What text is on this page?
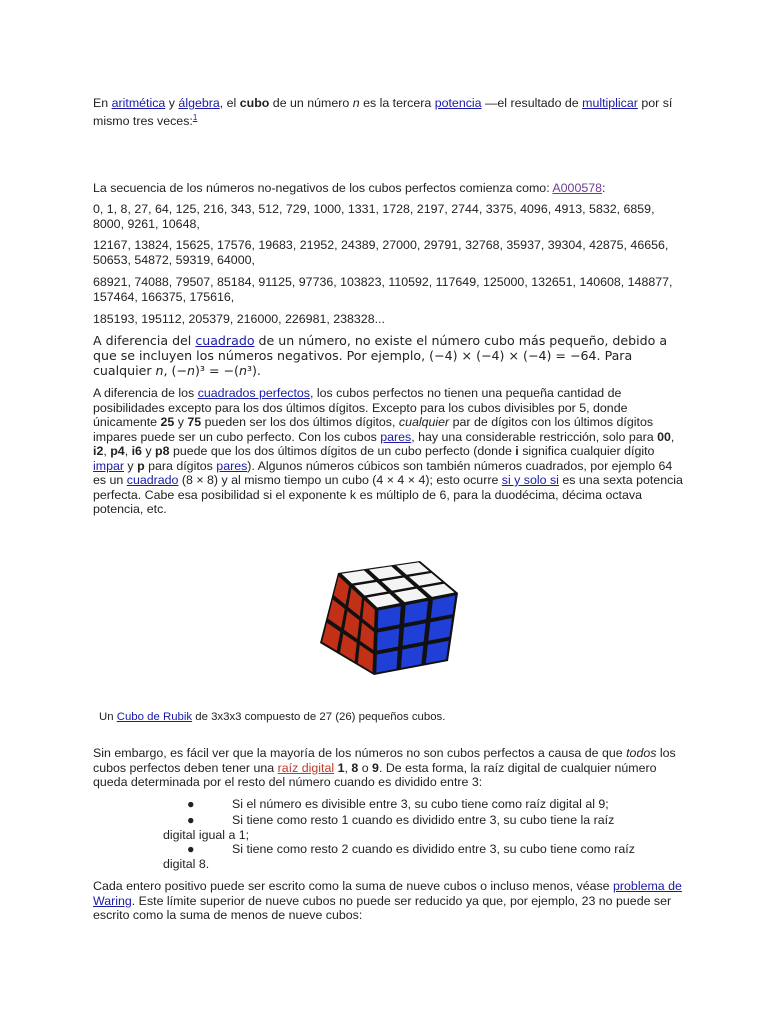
En aritmética y álgebra, el cubo de un número n es la tercera potencia —el resultado de multiplicar por sí mismo tres veces:$^1$

La secuencia de los números no-negativos de los cubos perfectos comienza como: A000578:

0, 1, 8, 27, 64, 125, 216, 343, 512, 729, 1000, 1331, 1728, 2197, 2744, 3375, 4096, 4913, 5832, 6859, 8000, 9261, 10648,

12167, 13824, 15625, 17576, 19683, 21952, 24389, 27000, 29791, 32768, 35937, 39304, 42875, 46656, 50653, 54872, 59319, 64000,

68921, 74088, 79507, 85184, 91125, 97736, 103823, 110592, 117649, 125000, 132651, 140608, 148877, 157464, 166375, 175616,

185193, 195112, 205379, 216000, 226981, 238328...

A diferencia del cuadrado de un número, no existe el número cubo más pequeño, debido a que se incluyen los números negativos. Por ejemplo, (−4) × (−4) × (−4) = −64. Para cualquier n, (−n)³ = −(n³).

A diferencia de los cuadrados perfectos, los cubos perfectos no tienen una pequeña cantidad de posibilidades excepto para los dos últimos dígitos. Excepto para los cubos divisibles por 5, donde únicamente 25 y 75 pueden ser los dos últimos dígitos, cualquier par de dígitos con los últimos dígitos impares puede ser un cubo perfecto. Con los cubos pares, hay una considerable restricción, solo para 00, i2, p4, i6 y p8 puede que los dos últimos dígitos de un cubo perfecto (donde i significa cualquier dígito impar y p para dígitos pares). Algunos números cúbicos son también números cuadrados, por ejemplo 64 es un cuadrado (8 × 8) y al mismo tiempo un cubo (4 × 4 × 4); esto ocurre si y solo si es una sexta potencia perfecta. Cabe esa posibilidad si el exponente k es múltiplo de 6, para la duodécima, décima octava potencia, etc.

Un Cubo de Rubik de 3x3x3 compuesto de 27 (26) pequeños cubos.

Sin embargo, es fácil ver que la mayoría de los números no son cubos perfectos a causa de que todos los cubos perfectos deben tener una raíz digital 1, 8 o 9. De esta forma, la raíz digital de cualquier número queda determinada por el resto del número cuando es dividido entre 3:

●	Si el número es divisible entre 3, su cubo tiene como raíz digital al 9;
●	Si tiene como resto 1 cuando es dividido entre 3, su cubo tiene la raíz
digital igual a 1;
●	Si tiene como resto 2 cuando es dividido entre 3, su cubo tiene como raíz
digital 8.

Cada entero positivo puede ser escrito como la suma de nueve cubos o incluso menos, véase problema de Waring. Este límite superior de nueve cubos no puede ser reducido ya que, por ejemplo, 23 no puede ser escrito como la suma de menos de nueve cubos:
